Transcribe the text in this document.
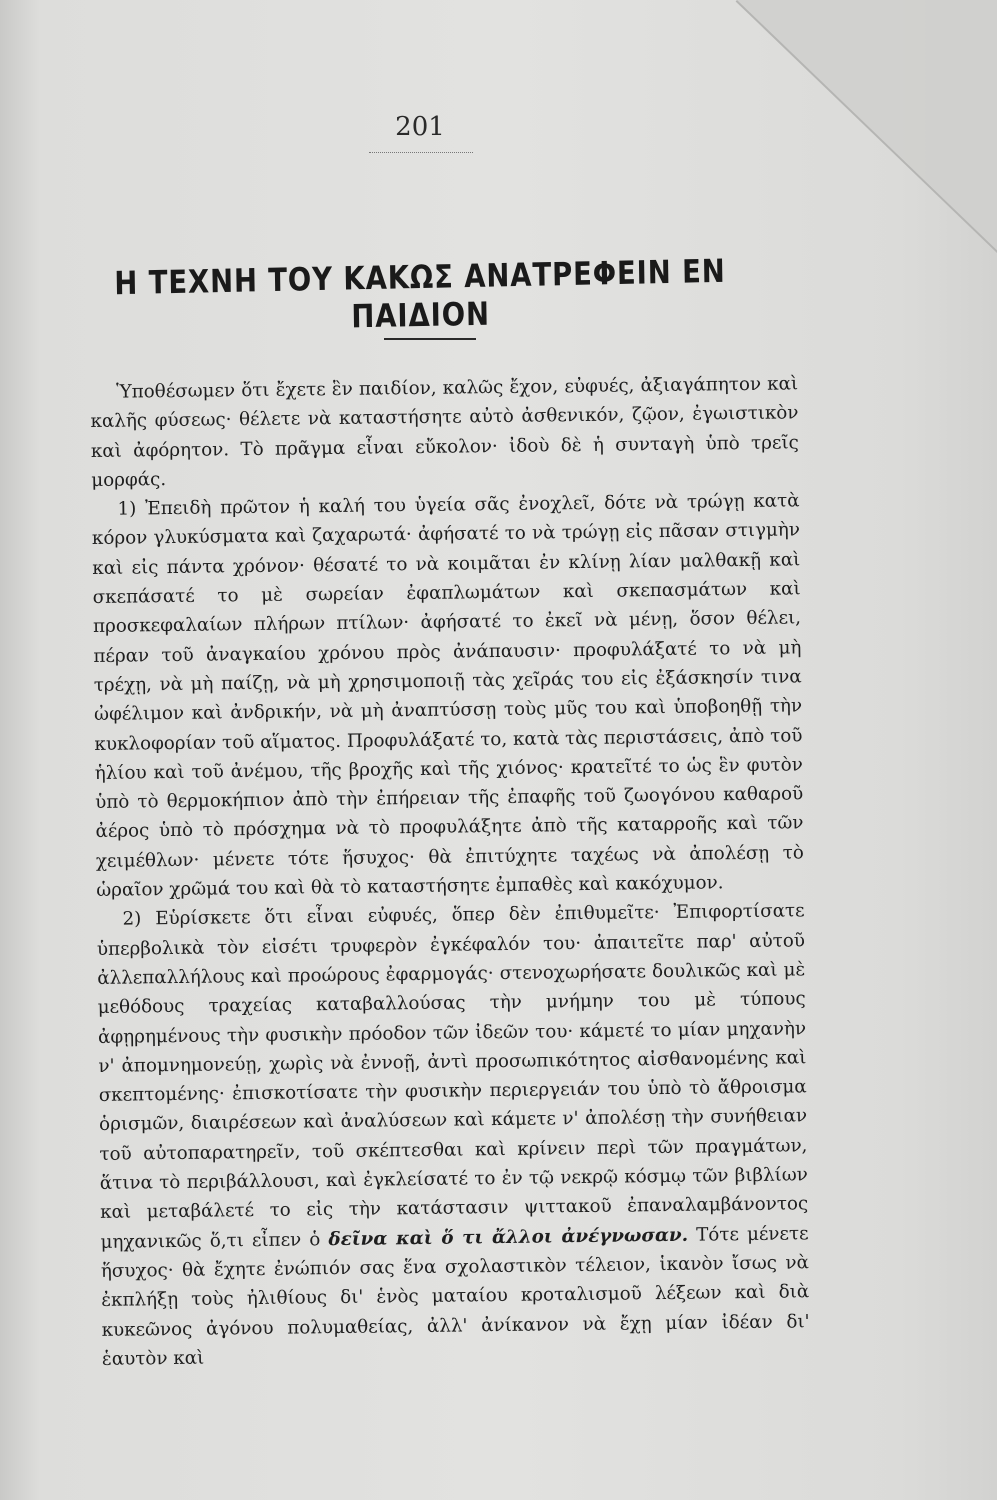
201
Η ΤΕΧΝΗ ΤΟΥ ΚΑΚΩΣ ΑΝΑΤΡΕΦΕΙΝ ΕΝ ΠΑΙΔΙΟΝ

Ὑποθέσωμεν ὅτι ἔχετε ἓν παιδίον, καλῶς ἔχον, εὐφυές, ἀξιαγάπητον καὶ καλῆς φύσεως· θέλετε νὰ καταστήσητε αὐτὸ ἀσθενικόν, ζῷον, ἐγωιστικὸν καὶ ἀφόρητον. Τὸ πρᾶγμα εἶναι εὔκολον· ἰδοὺ δὲ ἡ συνταγὴ ὑπὸ τρεῖς μορφάς.

1) Ἐπειδὴ πρῶτον ἡ καλή του ὑγεία σᾶς ἐνοχλεῖ, δότε νὰ τρώγῃ κατὰ κόρον γλυκύσματα καὶ ζαχαρωτά· ἀφήσατέ το νὰ τρώγῃ εἰς πᾶσαν στιγμὴν καὶ εἰς πάντα χρόνον· θέσατέ το νὰ κοιμᾶται ἐν κλίνῃ λίαν μαλθακῇ καὶ σκεπάσατέ το μὲ σωρείαν ἐφαπλωμάτων καὶ σκεπασμάτων καὶ προσκεφαλαίων πλήρων πτίλων· ἀφήσατέ το ἐκεῖ νὰ μένῃ, ὅσον θέλει, πέραν τοῦ ἀναγκαίου χρόνου πρὸς ἀνάπαυσιν· προφυλάξατέ το νὰ μὴ τρέχῃ, νὰ μὴ παίζῃ, νὰ μὴ χρησιμοποιῇ τὰς χεῖράς του εἰς ἐξάσκησίν τινα ὠφέλιμον καὶ ἀνδρικήν, νὰ μὴ ἀναπτύσσῃ τοὺς μῦς του καὶ ὑποβοηθῇ τὴν κυκλοφορίαν τοῦ αἵματος. Προφυλάξατέ το, κατὰ τὰς περιστάσεις, ἀπὸ τοῦ ἡλίου καὶ τοῦ ἀνέμου, τῆς βροχῆς καὶ τῆς χιόνος· κρατεῖτέ το ὡς ἓν φυτὸν ὑπὸ τὸ θερμοκήπιον ἀπὸ τὴν ἐπήρειαν τῆς ἐπαφῆς τοῦ ζωογόνου καθαροῦ ἀέρος ὑπὸ τὸ πρόσχημα νὰ τὸ προφυλάξητε ἀπὸ τῆς καταρροῆς καὶ τῶν χειμέθλων· μένετε τότε ἥσυχος· θὰ ἐπιτύχητε ταχέως νὰ ἀπολέσῃ τὸ ὡραῖον χρῶμά του καὶ θὰ τὸ καταστήσητε ἐμπαθὲς καὶ κακόχυμον.

2) Εὑρίσκετε ὅτι εἶναι εὐφυές, ὅπερ δὲν ἐπιθυμεῖτε· Ἐπιφορτίσατε ὑπερβολικὰ τὸν εἰσέτι τρυφερὸν ἐγκέφαλόν του· ἀπαιτεῖτε παρ' αὐτοῦ ἀλλεπαλλήλους καὶ προώρους ἐφαρμογάς· στενοχωρήσατε δουλικῶς καὶ μὲ μεθόδους τραχείας καταβαλλούσας τὴν μνήμην του μὲ τύπους ἀφῃρημένους τὴν φυσικὴν πρόοδον τῶν ἰδεῶν του· κάμετέ το μίαν μηχανὴν ν' ἀπομνημονεύῃ, χωρὶς νὰ ἐννοῇ, ἀντὶ προσωπικότητος αἰσθανομένης καὶ σκεπτομένης· ἐπισκοτίσατε τὴν φυσικὴν περιεργειάν του ὑπὸ τὸ ἄθροισμα ὁρισμῶν, διαιρέσεων καὶ ἀναλύσεων καὶ κάμετε ν' ἀπολέσῃ τὴν συνήθειαν τοῦ αὐτοπαρατηρεῖν, τοῦ σκέπτεσθαι καὶ κρίνειν περὶ τῶν πραγμάτων, ἅτινα τὸ περιβάλλουσι, καὶ ἐγκλείσατέ το ἐν τῷ νεκρῷ κόσμῳ τῶν βιβλίων καὶ μεταβάλετέ το εἰς τὴν κατάστασιν ψιττακοῦ ἐπαναλαμβάνοντος μηχανικῶς ὅ,τι εἶπεν ὁ δεῖνα καὶ ὅ τι ἄλλοι ἀνέγνωσαν. Τότε μένετε ἥσυχος· θὰ ἔχητε ἐνώπιόν σας ἕνα σχολαστικὸν τέλειον, ἱκανὸν ἴσως νὰ ἐκπλήξῃ τοὺς ἠλιθίους δι' ἑνὸς ματαίου κροταλισμοῦ λέξεων καὶ διὰ κυκεῶνος ἀγόνου πολυμαθείας, ἀλλ' ἀνίκανον νὰ ἔχῃ μίαν ἰδέαν δι' ἑαυτὸν καὶ
